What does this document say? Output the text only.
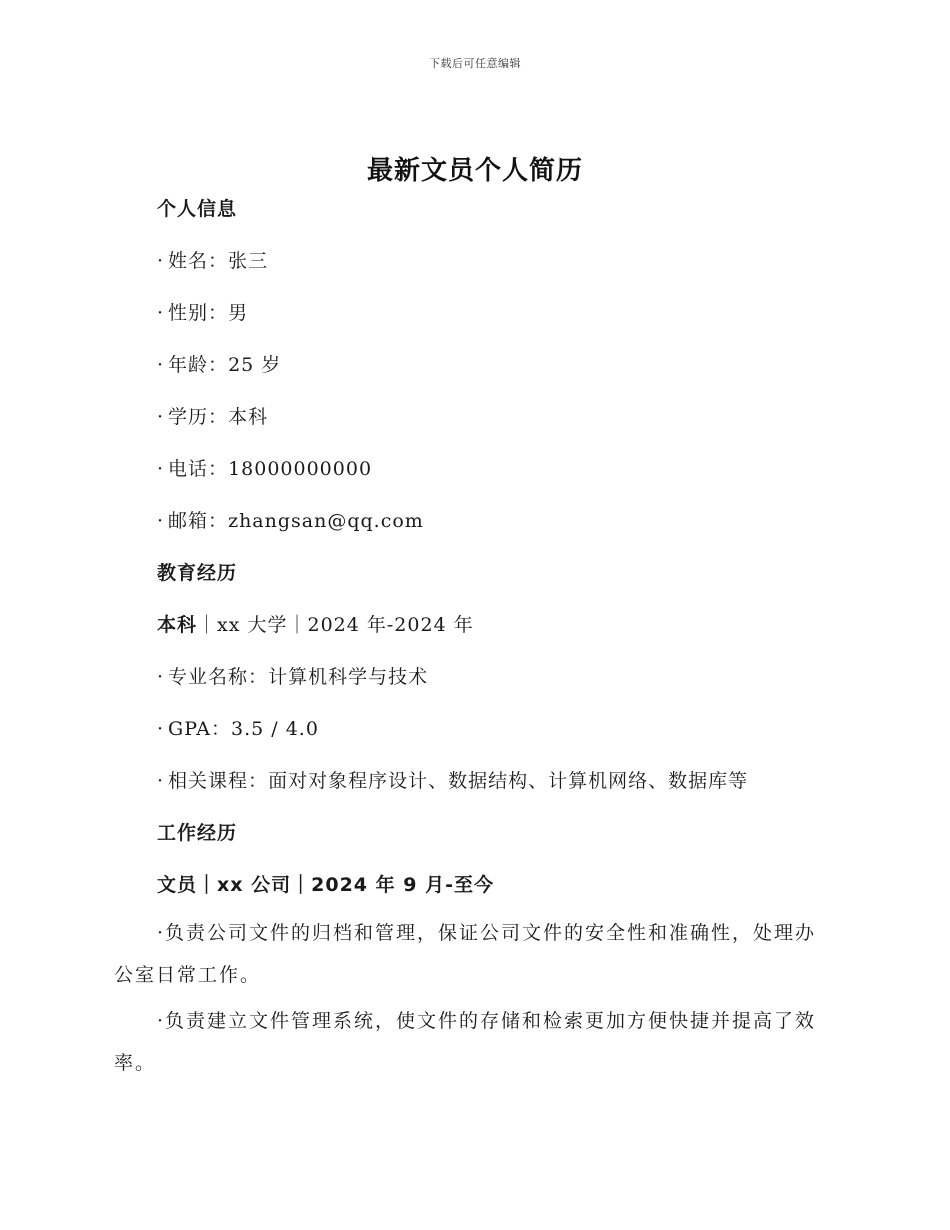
下载后可任意编辑
最新文员个人简历
个人信息
· 姓名：张三
· 性别：男
· 年龄：25 岁
· 学历：本科
· 电话：18000000000
· 邮箱：zhangsan@qq.com
教育经历
本科｜xx 大学｜2024 年-2024 年
· 专业名称：计算机科学与技术
· GPA：3.5 / 4.0
· 相关课程：面对对象程序设计、数据结构、计算机网络、数据库等
工作经历
文员｜xx 公司｜2024 年 9 月-至今
·负责公司文件的归档和管理，保证公司文件的安全性和准确性，处理办公室日常工作。
·负责建立文件管理系统，使文件的存储和检索更加方便快捷并提高了效率。
